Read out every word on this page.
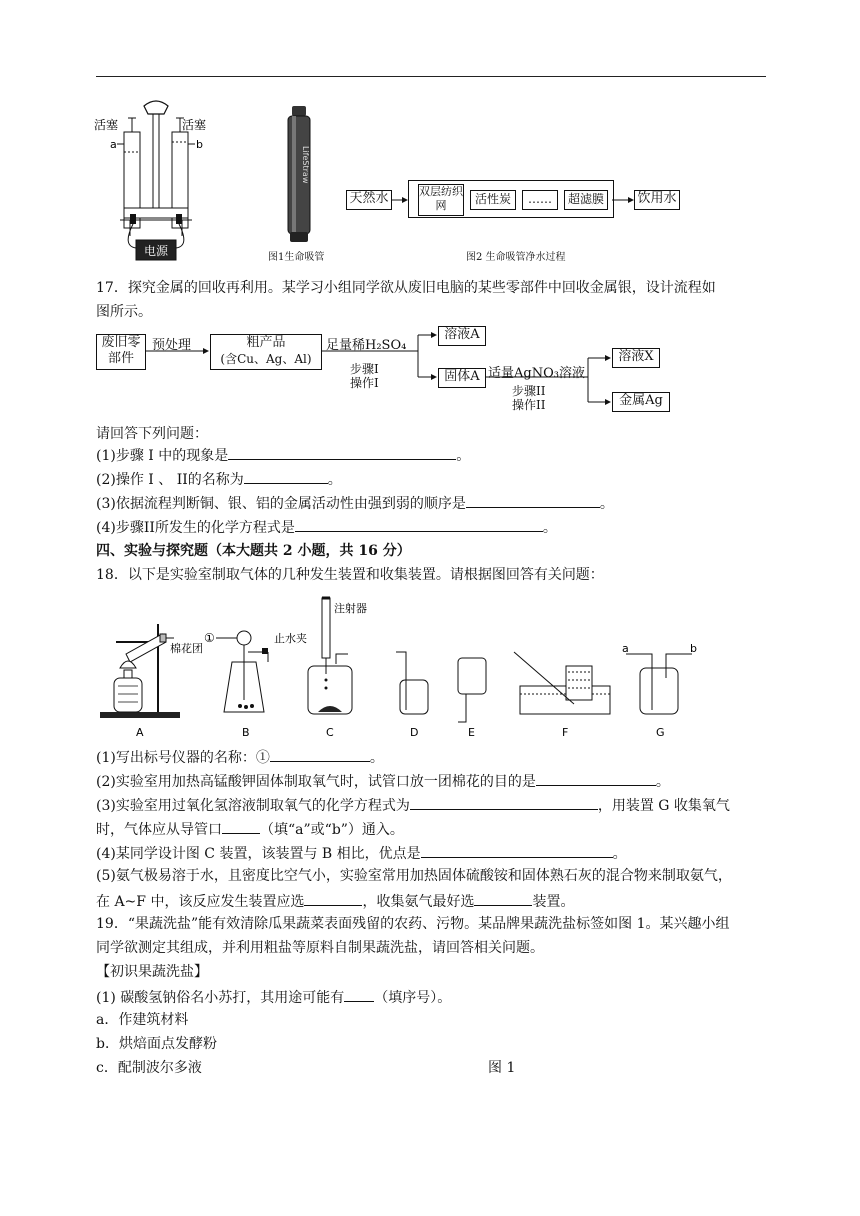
电源
活塞	活塞
a	b
LifeStraw
图1生命吸管
天然水	双层纺织网	活性炭	……	超滤膜	饮用水
图2 生命吸管净水过程
17．探究金属的回收再利用。某学习小组同学欲从废旧电脑的某些零部件中回收金属银，设计流程如
图所示。
废旧零部件
预处理	粗产品
(含Cu、Ag、Al)
足量稀H₂SO₄
步骤I
操作I
溶液A
固体A 适量AgNO₃溶液
步骤II
操作II
溶液X
金属Ag
请回答下列问题：
(1)步骤 I 中的现象是	。
(2)操作 I 、 II的名称为	。
(3)依据流程判断铜、银、铝的金属活动性由强到弱的顺序是	。
(4)步骤II所发生的化学方程式是	。
四、实验与探究题（本大题共 2 小题，共 16 分）
18．以下是实验室制取气体的几种发生装置和收集装置。请根据图回答有关问题：
棉花团
①	止水夹
注射器
a	b
A	B	C	D	E	F	G
(1)写出标号仪器的名称：①	。
(2)实验室用加热高锰酸钾固体制取氧气时，试管口放一团棉花的目的是	。
(3)实验室用过氧化氢溶液制取氧气的化学方程式为	，用装置 G 收集氧气
时，气体应从导管口	（填“a”或“b”）通入。
(4)某同学设计图 C 装置，该装置与 B 相比，优点是	。
(5)氨气极易溶于水，且密度比空气小，实验室常用加热固体硫酸铵和固体熟石灰的混合物来制取氨气，
在 A~F 中，该反应发生装置应选	，收集氨气最好选	装置。
19．“果蔬洗盐”能有效清除瓜果蔬菜表面残留的农药、污物。某品牌果蔬洗盐标签如图 1。某兴趣小组
同学欲测定其组成，并利用粗盐等原料自制果蔬洗盐，请回答相关问题。
【初识果蔬洗盐】
(1) 碳酸氢钠俗名小苏打，其用途可能有 （填序号）。
a．作建筑材料
b．烘焙面点发酵粉
c．配制波尔多液	图 1
